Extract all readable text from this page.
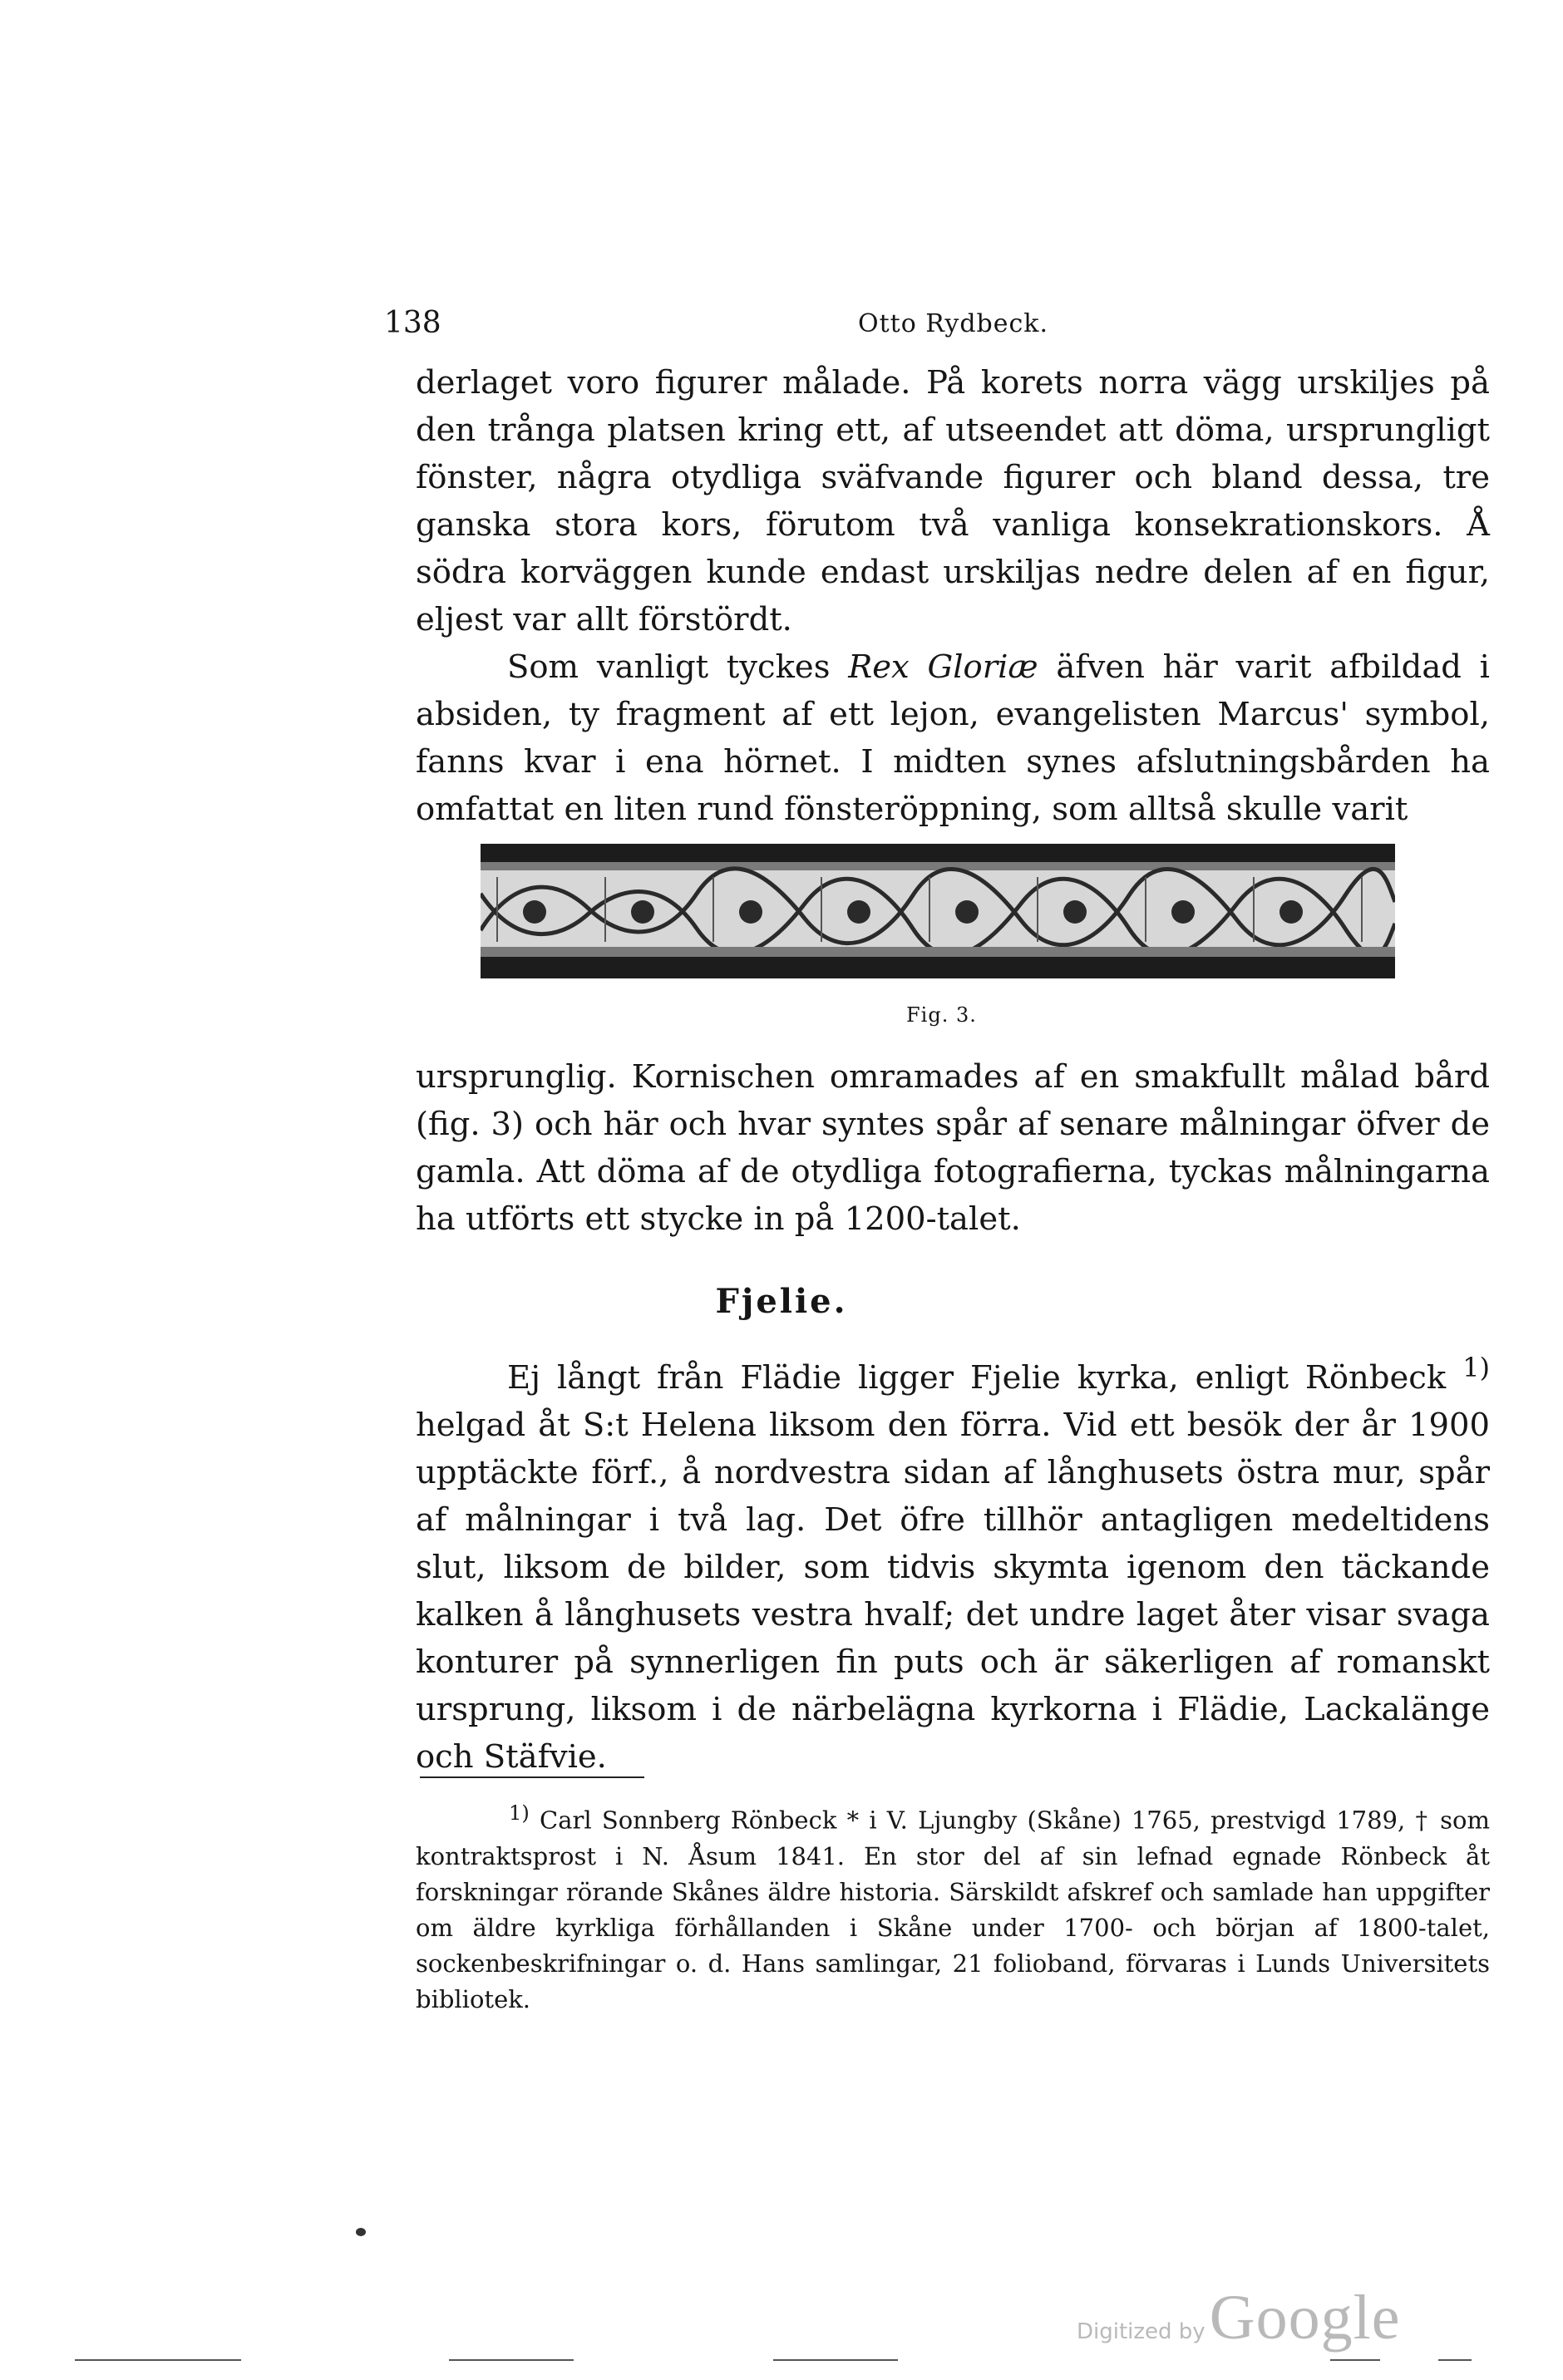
138	Otto Rydbeck.

derlaget voro figurer målade. På korets norra vägg urskiljes på den trånga platsen kring ett, af utseendet att döma, ursprungligt fönster, några otydliga sväfvande figurer och bland dessa, tre ganska stora kors, förutom två vanliga konsekrationskors. Å södra korväggen kunde endast urskiljas nedre delen af en figur, eljest var allt förstördt.

Som vanligt tyckes Rex Gloriæ äfven här varit afbildad i absiden, ty fragment af ett lejon, evangelisten Marcus' symbol, fanns kvar i ena hörnet. I midten synes afslutningsbården ha omfattat en liten rund fönsteröppning, som alltså skulle varit

Fig. 3.

ursprunglig. Kornischen omramades af en smakfullt målad bård (fig. 3) och här och hvar syntes spår af senare målningar öfver de gamla. Att döma af de otydliga fotografierna, tyckas målningarna ha utförts ett stycke in på 1200-talet.

Fjelie.

Ej långt från Flädie ligger Fjelie kyrka, enligt Rönbeck $^{1)}$ helgad åt S:t Helena liksom den förra. Vid ett besök der år 1900 upptäckte förf., å nordvestra sidan af långhusets östra mur, spår af målningar i två lag. Det öfre tillhör antagligen medeltidens slut, liksom de bilder, som tidvis skymta igenom den täckande kalken å långhusets vestra hvalf; det undre laget åter visar svaga konturer på synnerligen fin puts och är säkerligen af romanskt ursprung, liksom i de närbelägna kyrkorna i Flädie, Lackalänge och Stäfvie.

$^{1)}$ Carl Sonnberg Rönbeck * i V. Ljungby (Skåne) 1765, prestvigd 1789, † som kontraktsprost i N. Åsum 1841. En stor del af sin lefnad egnade Rönbeck åt forskningar rörande Skånes äldre historia. Särskildt afskref och samlade han uppgifter om äldre kyrkliga förhållanden i Skåne under 1700- och början af 1800-talet, sockenbeskrifningar o. d. Hans samlingar, 21 folioband, förvaras i Lunds Universitets bibliotek.

Digitized by Google
